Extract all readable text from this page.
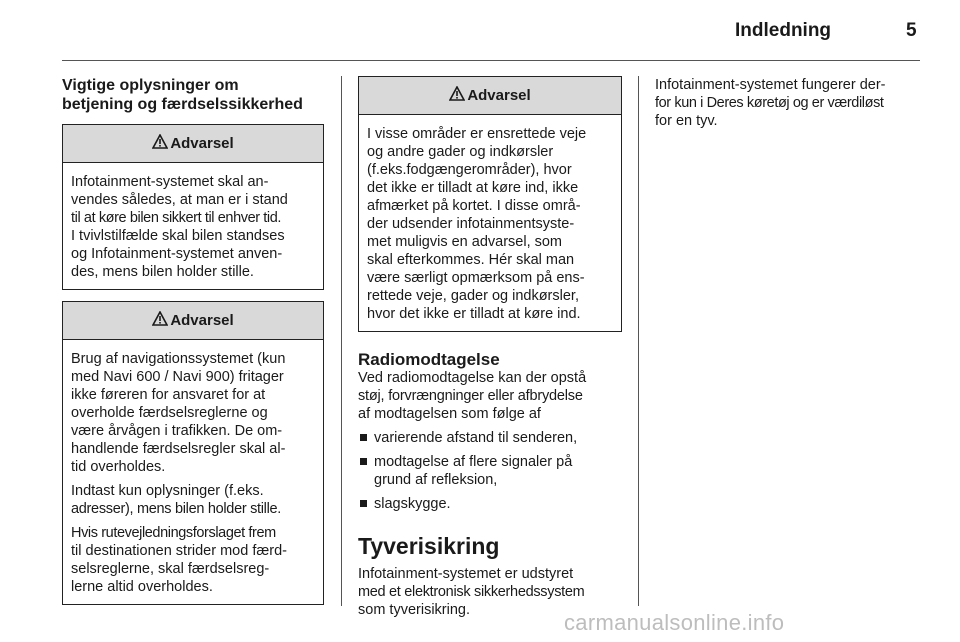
Indledning	5
Vigtige oplysninger om
betjening og færdselssikkerhed
Advarsel

Infotainment-systemet skal an-
vendes således, at man er i stand
til at køre bilen sikkert til enhver tid.
I tvivlstilfælde skal bilen standses
og Infotainment-systemet anven-
des, mens bilen holder stille.

Advarsel

Brug af navigationssystemet (kun
med Navi 600 / Navi 900) fritager
ikke føreren for ansvaret for at
overholde færdselsreglerne og
være årvågen i trafikken. De om-
handlende færdselsregler skal al-
tid overholdes.

Indtast kun oplysninger (f.eks.
adresser), mens bilen holder stille.

Hvis rutevejledningsforslaget frem
til destinationen strider mod færd-
selsreglerne, skal færdselsreg-
lerne altid overholdes.

Advarsel

I visse områder er ensrettede veje
og andre gader og indkørsler
(f.eks.fodgængerområder), hvor
det ikke er tilladt at køre ind, ikke
afmærket på kortet. I disse områ-
der udsender infotainmentsyste-
met muligvis en advarsel, som
skal efterkommes. Hér skal man
være særligt opmærksom på ens-
rettede veje, gader og indkørsler,
hvor det ikke er tilladt at køre ind.

Radiomodtagelse

Ved radiomodtagelse kan der opstå
støj, forvrængninger eller afbrydelse
af modtagelsen som følge af

varierende afstand til senderen,
modtagelse af flere signaler på
grund af refleksion,
slagskygge.
Tyverisikring

Infotainment-systemet er udstyret
med et elektronisk sikkerhedssystem
som tyverisikring.

Infotainment-systemet fungerer der-
for kun i Deres køretøj og er værdiløst
for en tyv.

carmanualsonline.info
